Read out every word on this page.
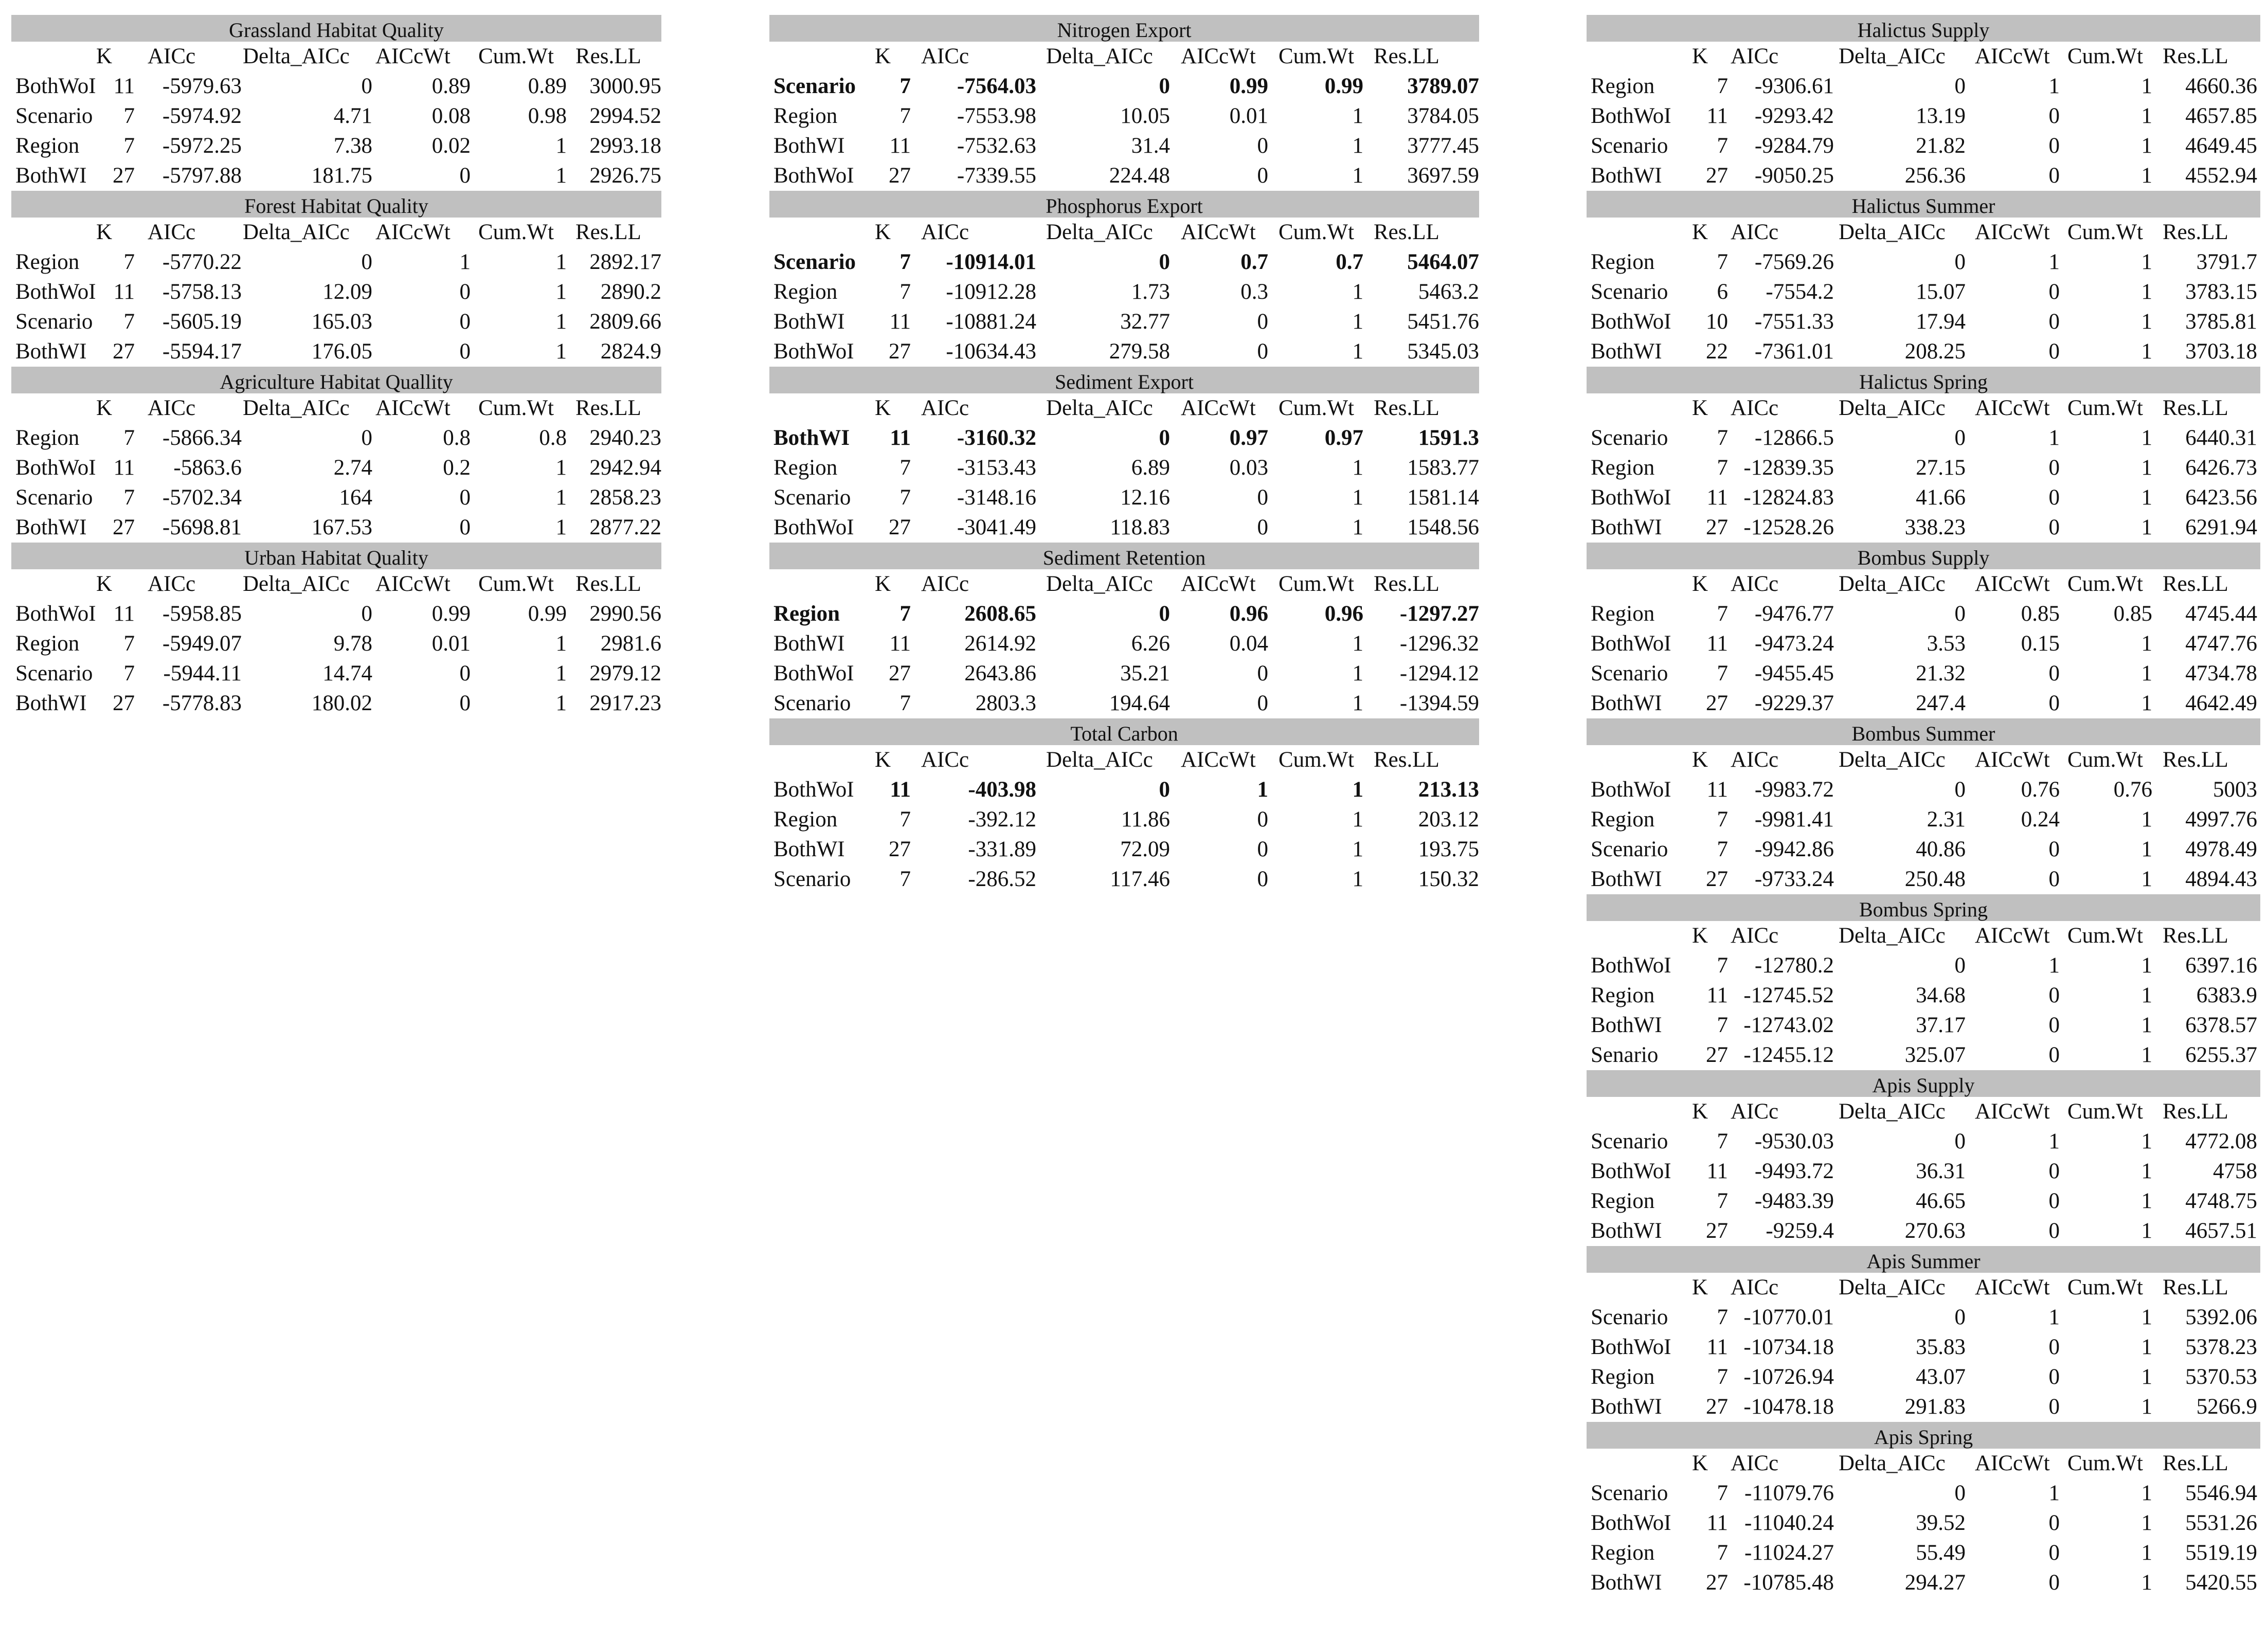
Grassland Habitat Quality
K AICc Delta_AICc AICcWt Cum.Wt Res.LL
BothWoI 11 -5979.63	0	0.89	0.89 3000.95
Scenario 7 -5974.92	4.71	0.08	0.98 2994.52
Region 7 -5972.25	7.38	0.02	1 2993.18
BothWI 27 -5797.88	181.75	0	1 2926.75
Forest Habitat Quality
K AICc Delta_AICc AICcWt Cum.Wt Res.LL
Region 7 -5770.22	0	1	1 2892.17
BothWoI 11 -5758.13	12.09	0	1 2890.2
Scenario 7 -5605.19	165.03	0	1 2809.66
BothWI 27 -5594.17	176.05	0	1 2824.9
Agriculture Habitat Quallity
K AICc Delta_AICc AICcWt Cum.Wt Res.LL
Region 7 -5866.34	0	0.8	0.8 2940.23
BothWoI 11 -5863.6	2.74	0.2	1 2942.94
Scenario 7 -5702.34	164	0	1 2858.23
BothWI 27 -5698.81	167.53	0	1 2877.22
Urban Habitat Quality
K AICc Delta_AICc AICcWt Cum.Wt Res.LL
BothWoI 11 -5958.85	0	0.99	0.99 2990.56
Region 7 -5949.07	9.78	0.01	1 2981.6
Scenario 7 -5944.11	14.74	0	1 2979.12
BothWI 27 -5778.83	180.02	0	1 2917.23
Nitrogen Export
K AICc	Delta_AICc AICcWt Cum.Wt Res.LL
Scenario 7 -7564.03	0	0.99	0.99 3789.07
Region	7 -7553.98	10.05	0.01	1 3784.05
BothWI 11 -7532.63	31.4	0	1 3777.45
BothWoI 27 -7339.55	224.48	0	1 3697.59
Phosphorus Export
K AICc	Delta_AICc AICcWt Cum.Wt Res.LL
Scenario 7 -10914.01	0	0.7	0.7 5464.07
Region	7 -10912.28	1.73	0.3	1 5463.2
BothWI 11 -10881.24	32.77	0	1 5451.76
BothWoI 27 -10634.43	279.58	0	1 5345.03
Sediment Export
K AICc	Delta_AICc AICcWt Cum.Wt Res.LL
BothWI 11 -3160.32	0	0.97	0.97 1591.3
Region	7 -3153.43	6.89	0.03	1 1583.77
Scenario 7 -3148.16	12.16	0	1 1581.14
BothWoI 27 -3041.49	118.83	0	1 1548.56
Sediment Retention
K AICc	Delta_AICc AICcWt Cum.Wt Res.LL
Region	7 2608.65	0	0.96	0.96 -1297.27
BothWI 11 2614.92	6.26	0.04	1 -1296.32
BothWoI 27 2643.86	35.21	0	1 -1294.12
Scenario 7	2803.3	194.64	0	1 -1394.59
Total Carbon
K AICc	Delta_AICc AICcWt Cum.Wt Res.LL
BothWoI 11	-403.98	0	1	1 213.13
Region	7	-392.12	11.86	0	1 203.12
BothWI 27	-331.89	72.09	0	1 193.75
Scenario 7	-286.52	117.46	0	1 150.32
Halictus Supply
K AICc	Delta_AICc AICcWt Cum.Wt Res.LL
Region	7 -9306.61	0	1	1 4660.36
BothWoI 11 -9293.42	13.19	0	1 4657.85
Scenario 7 -9284.79	21.82	0	1 4649.45
BothWI 27 -9050.25	256.36	0	1 4552.94
Halictus Summer
K AICc	Delta_AICc AICcWt Cum.Wt Res.LL
Region	7 -7569.26	0	1	1 3791.7
Scenario 6 -7554.2	15.07	0	1 3783.15
BothWoI 10 -7551.33	17.94	0	1 3785.81
BothWI 22 -7361.01	208.25	0	1 3703.18
Halictus Spring
K AICc	Delta_AICc AICcWt Cum.Wt Res.LL
Scenario 7 -12866.5	0	1	1 6440.31
Region	7 -12839.35	27.15	0	1 6426.73
BothWoI 11 -12824.83	41.66	0	1 6423.56
BothWI 27 -12528.26	338.23	0	1 6291.94
Bombus Supply
K AICc	Delta_AICc AICcWt Cum.Wt Res.LL
Region	7 -9476.77	0	0.85 0.85 4745.44
BothWoI 11 -9473.24	3.53	0.15	1 4747.76
Scenario 7 -9455.45	21.32	0	1 4734.78
BothWI 27 -9229.37	247.4	0	1 4642.49
Bombus Summer
K AICc	Delta_AICc AICcWt Cum.Wt Res.LL
BothWoI 11 -9983.72	0	0.76 0.76	5003
Region	7 -9981.41	2.31	0.24	1 4997.76
Scenario 7 -9942.86	40.86	0	1 4978.49
BothWI 27 -9733.24	250.48	0	1 4894.43
Bombus Spring
K AICc	Delta_AICc AICcWt Cum.Wt Res.LL
BothWoI 7 -12780.2	0	1	1 6397.16
Region 11 -12745.52	34.68	0	1 6383.9
BothWI 7 -12743.02	37.17	0	1 6378.57
Senario 27 -12455.12	325.07	0	1 6255.37
Apis Supply
K AICc	Delta_AICc AICcWt Cum.Wt Res.LL
Scenario 7 -9530.03	0	1	1 4772.08
BothWoI 11 -9493.72	36.31	0	1	4758
Region	7 -9483.39	46.65	0	1 4748.75
BothWI 27 -9259.4	270.63	0	1 4657.51
Apis Summer
K AICc	Delta_AICc AICcWt Cum.Wt Res.LL
Scenario 7 -10770.01	0	1	1 5392.06
BothWoI 11 -10734.18	35.83	0	1 5378.23
Region	7 -10726.94	43.07	0	1 5370.53
BothWI 27 -10478.18	291.83	0	1 5266.9
Apis Spring
K AICc	Delta_AICc AICcWt Cum.Wt Res.LL
Scenario 7 -11079.76	0	1	1 5546.94
BothWoI 11 -11040.24	39.52	0	1 5531.26
Region	7 -11024.27	55.49	0	1 5519.19
BothWI 27 -10785.48	294.27	0	1 5420.55
